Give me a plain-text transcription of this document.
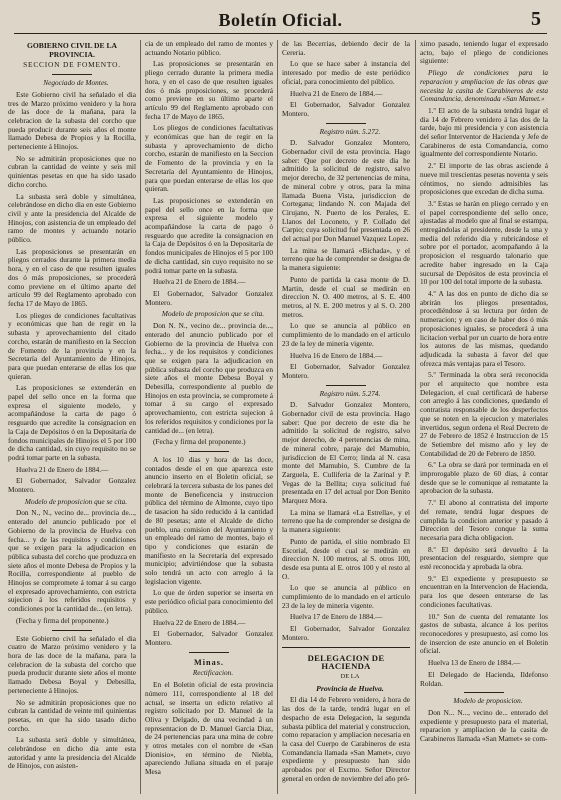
Boletín Oficial.	5
GOBIERNO CIVIL DE LA PROVINCIA.
SECCION DE FOMENTO.

Negociado de Montes.

Este Gobierno civil ha señalado el dia tres de Marzo próximo venidero y la hora de las doce de la mañana, para la celebracion de la subasta del corcho que pueda producir durante seis años el monte llamado Debesa de Propios y la Rocilla, perteneciente á Hinojos.

No se admitirán proposiciones que no cubran la cantidad de veinte y seis mil quinientas pesetas en que ha sido tasado dicho corcho.

La subasta será doble y simultánea, celebrándose en dicho dia en este Gobierno civil y ante la presidencia del Alcalde de Hinojos, con asistencia de un empleado del ramo de montes y actuando notario público.

Las proposiciones se presentarán en pliegos cerrados durante la primera media hora, y en el caso de que resulten iguales dos ó más proposiciones, se procederá como previene en el último aparte del artículo 99 del Reglamento aprobado con fecha 17 de Mayo de 1865.

Los pliegos de condiciones facultativas y económicas que han de regir en la subasta y aprovechamiento del citado corcho, estarán de manifiesto en la Seccion de Fomento de la provincia y en la Secretaría del Ayuntamiento de Hinojos, para que puedan enterarse de ellas los que quieran.

Las proposiciones se extenderán en papel del sello once en la forma que expresa el siguiente modelo, y acompañándose la carta de pago ó resguardo que acredite la consignacion en la Caja de Depósitos ó en la Depositaría de fondos municipales de Hinojos el 5 por 100 de dicha cantidad, sin cuyo requisito no se podrá tomar parte en la subasta.

Huelva 21 de Enero de 1884.—

El Gobernador, Salvador Gonzalez Montero.

Modelo de proposicion que se cita.

Don N., N., vecino de... provincia de..., enterado del anuncio publicado por el Gobierno de la provincia de Huelva con fecha... y de las requisitos y condiciones que se exigen para la adjudicacion en pública subasta del corcho que produzca en siete años el monte Debesa de Propios y la Rocilla, correspondiente al pueblo de Hinojos se compromete á tomar á su cargo el expresado aprovechamiento, con estricta sujecion á los referidos requisitos y condiciones por la cantidad de... (en letra).

(Fecha y firma del proponente.)

Este Gobierno civil ha señalado el dia cuatro de Marzo próximo venidero y la hora de las doce de la mañana, para la celebracion de la subasta del corcho que pueda producir durante siete años el monte llamado Debesa Boyal y Debesilla, perteneciente á Hinojos.

No se admitirán proposiciones que no cubran la cantidad de veinte mil quinientas pesetas, en que ha sido tasado dicho corcho.

La subasta será doble y simultánea, celebrándose en dicho dia ante esta autoridad y ante la presidencia del Alcalde de Hinojos, con asisten-

cia de un empleado del ramo de montes y actuando Notario público.

Las proposiciones se presentarán en pliego cerrado durante la primera media hora, y en el caso de que resulten iguales dos ó más proposiciones, se procederá como previene en su último aparte el artículo 99 del Reglamento aprobado con fecha 17 de Mayo de 1865.

Los pliegos de condiciones facultativas y económicas que han de regir en la subasta y aprovechamiento de dicho corcho, estarán de manifiesto en la Seccion de Fomento de la provincia y en la Secretaría del Ayuntamiento de Hinojos, para que puedan enterarse de ellas los que quieran.

Las proposiciones se extenderán en papel del sello once en la forma que expresa el siguiente modelo y acompañándose la carta de pago ó resguardo que acredite la consignacion en la Caja de Depósitos ó en la Depositaría de fondos municipales de Hinojos el 5 por 100 de dicha cantidad, sin cuyo requisito no se podrá tomar parte en la subasta.

Huelva 21 de Enero de 1884.—

El Gobernador, Salvador Gonzalez Montero.

Modelo de proposicion que se cita.

Don N. N., vecino de... provincia de..., enterado del anuncio publicado por el Gobierno de la provincia de Huelva con fecha... y de los requisitos y condiciones que se exigen para la adjudicacion en pública subasta del corcho que produzca en siete años el monte Debesa Boyal y Debesilla, correspondiente al pueblo de Hinojos en esta provincia, se compromete á tomar á su cargo el expresado aprovechamiento, con estricta sujecion á los referidos requisitos y condiciones por la cantidad de... (en letra).

(Fecha y firma del proponente.)

A los 10 dias y hora de las doce, contados desde el en que aparezca este anuncio inserto en el Boletin oficial, se celebrará la tercera subasta de los panes del monte de Beneficencia y instruccion pública del término de Almonte, cuyo tipo de tasacion ha sido reducido á la cantidad de 80 pesetas; ante el Alcalde de dicho pueblo, una comision del Ayuntamiento y un empleado del ramo de montes, bajo el tipo y condiciones que estarán de manifiesto en la Secretaría del expresado municipio; advirtiéndose que la subasta solo tendrá un acto con arreglo á la legislacion vigente.

Lo que de órden superior se inserta en este periódico oficial para conocimiento del público.

Huelva 22 de Enero de 1884.—

El Gobernador, Salvador Gonzalez Montero.

Minas.

Rectificacion.

En el Boletin oficial de esta provincia número 111, correspondiente al 18 del actual, se inserta un edicto relativo al registro solicitado por D. Manuel de la Oliva y Delgado, de una vecindad á un representacion de D. Manuel García Diaz, de 24 pertenencias para una mina de cobre y otros metales con el nombre de «San Dionisio», en término de Niebla, apareciendo Juliana situada en el paraje Mesa

de las Becerrias, debiendo decir de la Cereria.

Lo que se hace saber á instancia del interesado por medio de este periódico oficial, para conocimiento del público.

Huelva 21 de Enero de 1884.—

El Gobernador, Salvador Gonzalez Montero.

Registro núm. 5.272.

D. Salvador Gonzalez Montero, Gobernador civil de esta provincia. Hago saber: Que por decreto de este dia he admitido la solicitud de registro, salvo mejor derecho, de 32 pertenencias de mina, de mineral cobre y otros, para la mina llamada Buena Vista, jurisdiccion de Cortegana; lindando N. con Majada del Cirujano, N. Puerto de los Perales, E. Llanos del Loconeto, y P. Collado del Carpio; cuya solicitud fué presentada en 26 del actual por Don Manuel Vazquez Lopez.

La mina se llamará «Bichada», y el terreno que ha de comprender se designa de la manera siguiente:

Punto de partida la casa monte de D. Martin, desde el cual se medirán en direccion N. O. 400 metros, al S. E. 400 metros, al N. E. 200 metros y al S. O. 200 metros.

Lo que se anuncia al público en cumplimiento de lo mandado en el artículo 23 de la ley de minería vigente.

Huelva 16 de Enero de 1884.—

El Gobernador, Salvador Gonzalez Montero.

Registro núm. 5.274.

D. Salvador Gonzalez Montero, Gobernador civil de esta provincia. Hago saber: Que por decreto de este dia he admitido la solicitud de registro, salvo mejor derecho, de 4 pertenencias de mina, de mineral cobre, paraje del Mamubio, jurisdiccion de El Cerro; linda al N. casa monte del Mamubio, S. Cumbre de la Zarguela, E. Culliferia de la Zarinal y P. Vegas de la Bellita; cuya solicitud fué presentada en 17 del actual por Don Benito Marquez Mora.

La mina se llamará «La Estrella», y el terreno que ha de comprender se designa de la manera siguiente:

Punto de partida, el sitio nombrado El Escorial, desde el cual se medirán en direccion N. 100 metros, al S. otros 100, desde esa punta al E. otros 100 y el resto al O.

Lo que se anuncia al público en cumplimiento de lo mandado en el artículo 23 de la ley de minería vigente.

Huelva 17 de Enero de 1884.—

El Gobernador, Salvador Gonzalez Montero.

DELEGACION DE HACIENDA

DE LA

Provincia de Huelva.

El dia 14 de Febrero venidero, á hora de las dos de la tarde, tendrá lugar en el despacho de esta Delegacion, la segunda subasta pública del material y construccion, como reparacion y ampliacion necesaria en la casa del Cuerpo de Carabineros de esta Comandancia llamada «San Mamet», cuyo expediente y presupuesto han sido aprobados por el Excmo. Señor Director general en orden de noviembre del año pró-

ximo pasado, teniendo lugar el expresado acto, bajo el pliego de condiciones siguiente:

Pliego de condiciones para la reparacion y ampliacion de las obras que necesita la casita de Carabineros de esta Comandancia, denominada «San Mamet.»

1.º El acto de la subasta tendrá lugar el dia 14 de Febrero venidero á las dos de la tarde, bajo mi presidencia y con asistencia del señor Interventor de Hacienda y Jefe de Carabineros de esta Comandancia, como igualmente del correspondiente Notario.

2.º El importe de las obras asciende á nueve mil trescientas pesetas noventa y seis céntimos, no siendo admisibles las proposiciones que excedan de dicha suma.

3.º Estas se harán en pliego cerrado y en el papel correspondiente del sello once, ajustadas al modelo que al final se estampa, entregándolas al presidente, desde la una y media del referido dia y rubricándose el sobre por el portador, acompañando á la proposicion el resguardo talonario que acredite haber ingresado en la Caja sucursal de Depósitos de esta provincia el 10 por 100 del total importe de la subasta.

4.º A las dos en punto de dicho dia se abrirán los pliegos presentados, procediéndose á su lectura por órden de numeracion; y en caso de haber dos ó más proposiciones iguales, se procederá á una licitacion verbal por un cuarto de hora entre los autores de las mismas, quedando adjudicada la subasta á favor del que ofrezca más ventajas para el Tesoro.

5.º Terminada la obra será reconocida por el arquitecto que nombre esta Delegacion, el cual certificará de haberse con arreglo á las condiciones, quedando el contratista responsable de los desperfectos que se noten en la ejecucion y materiales invertidos, segun ordena el Real Decreto de 27 de Febrero de 1852 é Instruccion de 15 de Setiembre del mismo año y ley de Contabilidad de 20 de Febrero de 1850.

6.º La obra se dará por terminada en el improrogable plazo de 60 dias, á contar desde que se le comunique al rematante la aprobacion de la subasta.

7.º El abono al contratista del importe del remate, tendrá lugar despues de cumplida la condicion anterior y pasado á Direccion del Tesoro conque la suma necesaria para dicha obligacion.

8.º El depósito será devuelto á la presentacion del resguardo, siempre que esté reconocida y aprobada la obra.

9.º El expediente y presupuesto se encuentran en la Intervencion de Hacienda, para los que deseen enterarse de las condiciones facultativas.

10.º Son de cuenta del rematante los gastos de subasta, alcance á los peritos reconocedores y presupuesto, así como los de insercion de este anuncio en el Boletin oficial.

Huelva 13 de Enero de 1884.—

El Delegado de Hacienda, Ildefonso Roldan.

Modelo de proposicion.

Don N... N..., vecino de... enterado del expediente y presupuesto para el material, reparacion y ampliacion de la casita de Carabineros llamada «San Mamet» se com-
